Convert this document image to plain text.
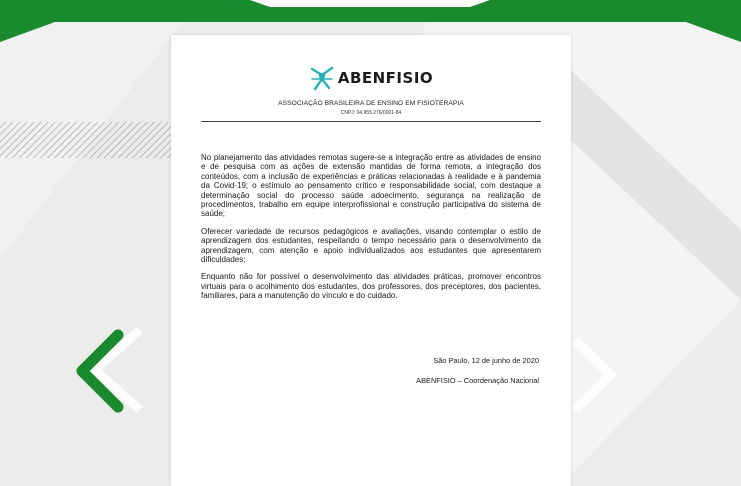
ABENFISIO
ASSOCIAÇÃO BRASILEIRA DE ENSINO EM FISIOTERAPIA
CNPJ: 04.955.276/0001-84

No planejamento das atividades remotas sugere-se a integração entre as atividades de ensino e de pesquisa com as ações de extensão mantidas de forma remota, a integração dos conteúdos, com a inclusão de experiências e práticas relacionadas à realidade e à pandemia da Covid-19; o estímulo ao pensamento crítico e responsabilidade social, com destaque a determinação social do processo saúde adoecimento, segurança na realização de procedimentos, trabalho em equipe interprofissional e construção participativa do sistema de saúde;

Oferecer variedade de recursos pedagógicos e avaliações, visando contemplar o estilo de aprendizagem dos estudantes, respeitando o tempo necessário para o desenvolvimento da aprendizagem, com atenção e apoio individualizados aos estudantes que apresentarem dificuldades;

Enquanto não for possível o desenvolvimento das atividades práticas, promover encontros virtuais para o acolhimento dos estudantes, dos professores, dos preceptores, dos pacientes, familiares, para a manutenção do vínculo e do cuidado.

São Paulo, 12 de junho de 2020
ABENFISIO – Coordenação Nacional
